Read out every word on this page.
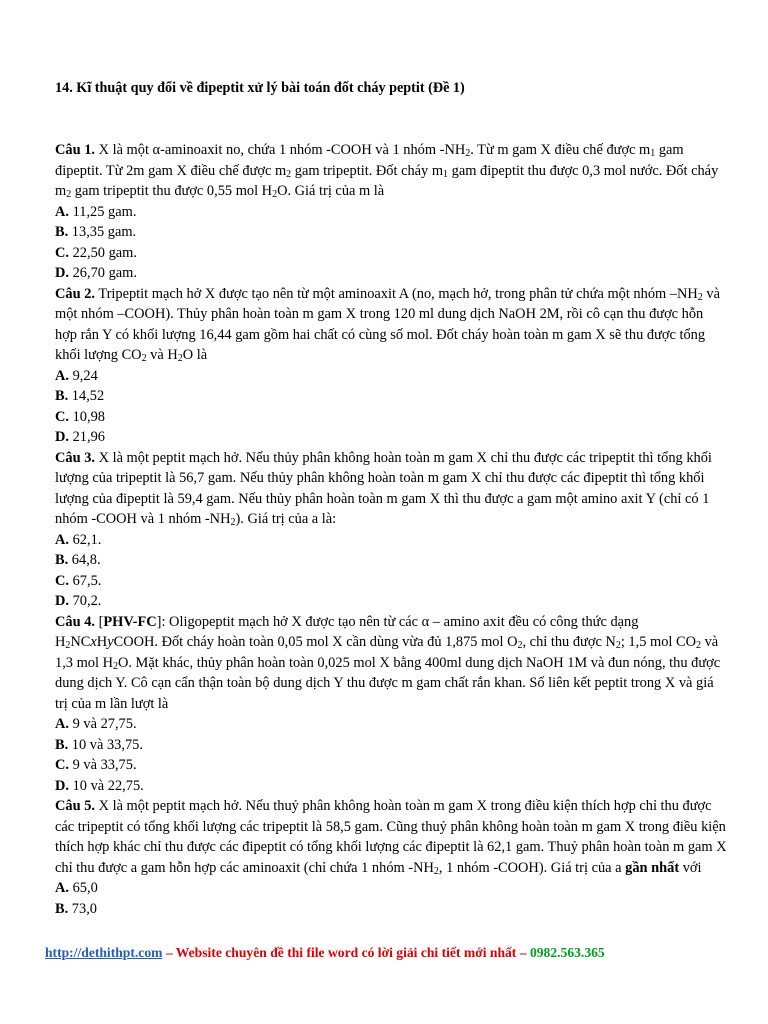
14. Kĩ thuật quy đổi về đipeptit xử lý bài toán đốt cháy peptit (Đề 1)

Câu 1. X là một α-aminoaxit no, chứa 1 nhóm -COOH và 1 nhóm $-NH_2$. Từ m gam X điều chế được $m_1$ gam đipeptit. Từ 2m gam X điều chế được $m_2$ gam tripeptit. Đốt cháy $m_1$ gam đipeptit thu được 0,3 mol nước. Đốt cháy $m_2$ gam tripeptit thu được 0,55 mol $H_2O$. Giá trị của m là

A. 11,25 gam.

B. 13,35 gam.

C. 22,50 gam.

D. 26,70 gam.

Câu 2. Tripeptit mạch hở X được tạo nên từ một aminoaxit A (no, mạch hở, trong phân tử chứa một nhóm $-NH_2$ và một nhóm –COOH). Thủy phân hoàn toàn m gam X trong 120 ml dung dịch NaOH 2M, rồi cô cạn thu được hỗn hợp rắn Y có khối lượng 16,44 gam gồm hai chất có cùng số mol. Đốt cháy hoàn toàn m gam X sẽ thu được tổng khối lượng $CO_2$ và $H_2O$ là

A. 9,24

B. 14,52

C. 10,98

D. 21,96

Câu 3. X là một peptit mạch hở. Nếu thủy phân không hoàn toàn m gam X chỉ thu được các tripeptit thì tổng khối lượng của tripeptit là 56,7 gam. Nếu thủy phân không hoàn toàn m gam X chỉ thu được các đipeptit thì tổng khối lượng của đipeptit là 59,4 gam. Nếu thủy phân hoàn toàn m gam X thì thu được a gam một amino axit Y (chỉ có 1 nhóm -COOH và 1 nhóm $-NH_2$). Giá trị của a là:

A. 62,1.

B. 64,8.

C. 67,5.

D. 70,2.

Câu 4. [PHV-FC]: Oligopeptit mạch hở X được tạo nên từ các α – amino axit đều có công thức dạng $H_2NCxHyCOOH$. Đốt cháy hoàn toàn 0,05 mol X cần dùng vừa đủ 1,875 mol $O_2$, chỉ thu được $N_2$; 1,5 mol $CO_2$ và 1,3 mol $H_2O$. Mặt khác, thủy phân hoàn toàn 0,025 mol X bằng 400ml dung dịch NaOH 1M và đun nóng, thu được dung dịch Y. Cô cạn cẩn thận toàn bộ dung dịch Y thu được m gam chất rắn khan. Số liên kết peptit trong X và giá trị của m lần lượt là

A. 9 và 27,75.

B. 10 và 33,75.

C. 9 và 33,75.

D. 10 và 22,75.

Câu 5. X là một peptit mạch hở. Nếu thuỷ phân không hoàn toàn m gam X trong điều kiện thích hợp chỉ thu được các tripeptit có tổng khối lượng các tripeptit là 58,5 gam. Cũng thuỷ phân không hoàn toàn m gam X trong điều kiện thích hợp khác chỉ thu được các đipeptit có tổng khối lượng các đipeptit là 62,1 gam. Thuỷ phân hoàn toàn m gam X chỉ thu được a gam hỗn hợp các aminoaxit (chỉ chứa 1 nhóm $-NH_2$, 1 nhóm -COOH). Giá trị của a gần nhất với

A. 65,0

B. 73,0

http://dethithpt.com – Website chuyên đề thi file word có lời giải chi tiết mới nhất – 0982.563.365
